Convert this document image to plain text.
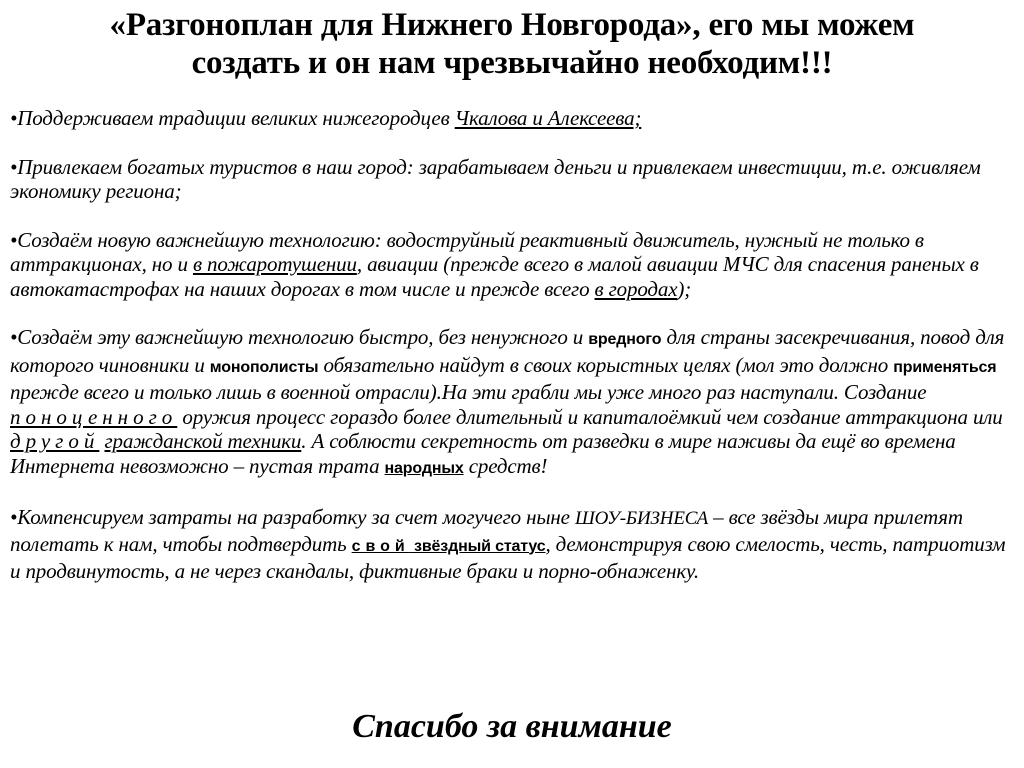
«Разгоноплан для Нижнего Новгорода», его мы можем
создать и он нам чрезвычайно необходим!!!
•Поддерживаем традиции великих нижегородцев Чкалова и Алексеева;
•Привлекаем богатых туристов в наш город: зарабатываем деньги и привлекаем инвестиции, т.е. оживляем экономику региона;
•Создаём новую важнейшую технологию: водоструйный реактивный движитель, нужный не только в аттракционах, но и в пожаротушении, авиации (прежде всего в малой авиации МЧС для спасения раненых в автокатастрофах на наших дорогах в том числе и прежде всего в городах);
•Создаём эту важнейшую технологию быстро, без ненужного и вредного для страны засекречивания, повод для которого чиновники и монополисты обязательно найдут в своих корыстных целях (мол это должно применяться прежде всего и только лишь в военной отрасли).На эти грабли мы уже много раз наступали. Создание поноценного оружия процесс гораздо более длительный и капиталоёмкий чем создание аттракциона или другой гражданской техники. А соблюсти секретность от разведки в мире наживы да ещё во времена Интернета невозможно – пустая трата народных средств!
•Компенсируем затраты на разработку за счет могучего ныне ШОУ-БИЗНЕСА – все звёзды мира прилетят полетать к нам, чтобы подтвердить свой звёздный статус, демонстрируя свою смелость, честь, патриотизм и продвинутость, а не через скандалы, фиктивные браки и порно-обнаженку.
Спасибо за внимание
